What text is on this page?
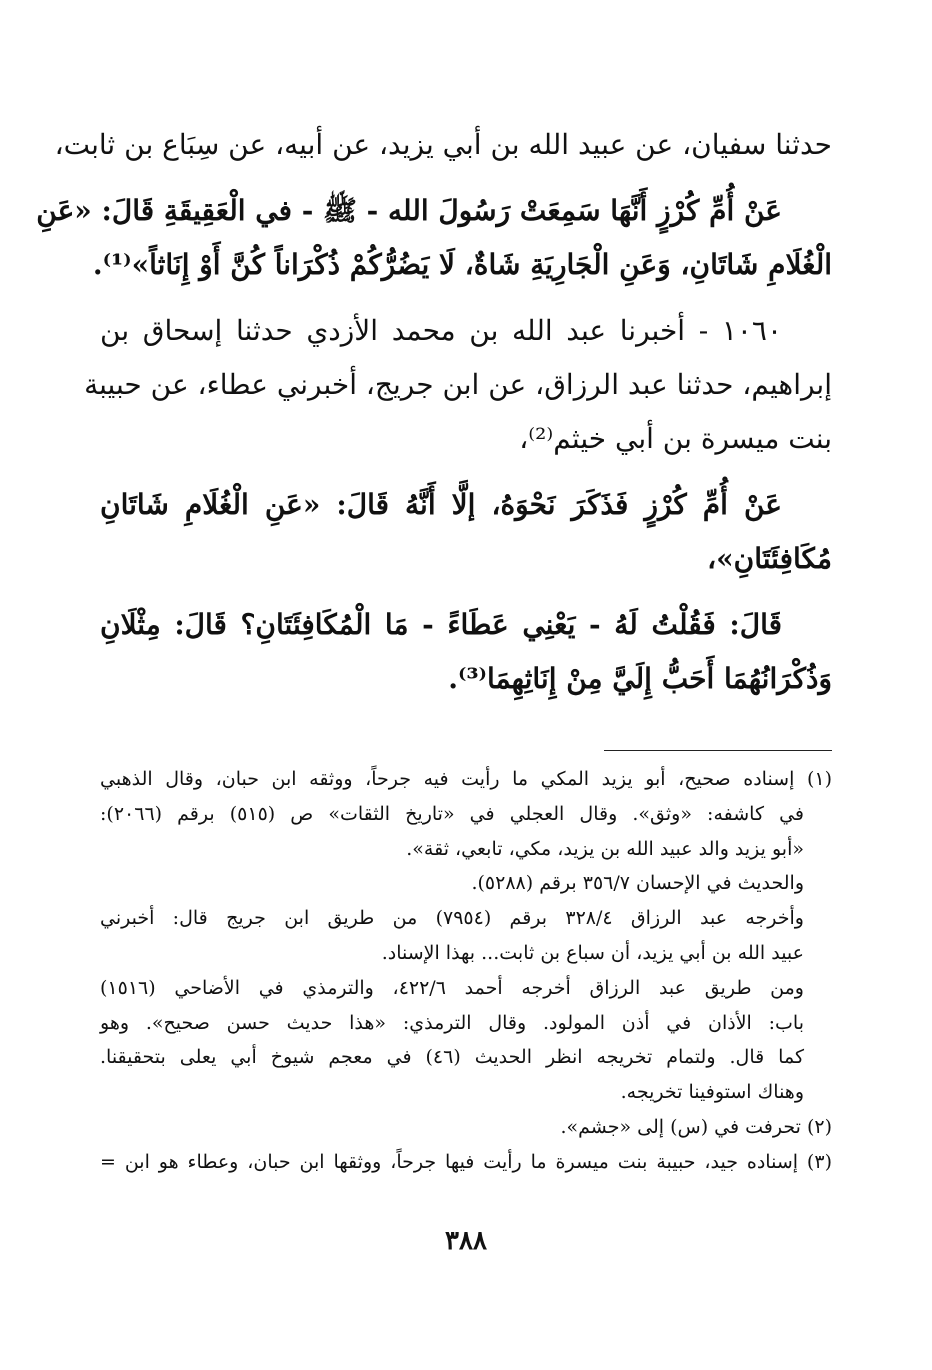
حدثنا سفيان، عن عبيد الله بن أبي يزيد، عن أبيه، عن سِبَاع بن ثابت،
عَنْ أُمِّ كُرْزٍ أَنَّهَا سَمِعَتْ رَسُولَ الله - ﷺ - في الْعَقِيقَةِ قَالَ: «عَنِ
الْغُلَامِ شَاتَانِ، وَعَنِ الْجَارِيَةِ شَاةٌ، لَا يَضُرُّكُمْ ذُكْرَاناً كُنَّ أَوْ إِنَاثاً»⁽¹⁾.
١٠٦٠ - أخبرنا عبد الله بن محمد الأزدي حدثنا إسحاق بن
إبراهيم، حدثنا عبد الرزاق، عن ابن جريج، أخبرني عطاء، عن حبيبة
بنت ميسرة بن أبي خيثم⁽²⁾،
عَنْ أُمِّ كُرْزٍ فَذَكَرَ نَحْوَهُ، إلَّا أَنَّهُ قَالَ: «عَنِ الْغُلَامِ شَاتَانِ
مُكَافِئَتَانِ»،
قَالَ: فَقُلْتُ لَهُ - يَعْنِي عَطَاءً - مَا الْمُكَافِئَتَانِ؟ قَالَ: مِثْلَانِ
وَذُكْرَانُهُمَا أَحَبُّ إِلَيَّ مِنْ إِنَاثِهِمَا⁽³⁾.
(١) إسناده صحيح، أبو يزيد المكي ما رأيت فيه جرحاً، ووثقه ابن حبان، وقال الذهبي
في كاشفه: «وثق». وقال العجلي في «تاريخ الثقات» ص (٥١٥) برقم (٢٠٦٦):
«أبو يزيد والد عبيد الله بن يزيد، مكي، تابعي، ثقة».
والحديث في الإحسان ٣٥٦/٧ برقم (٥٢٨٨).
وأخرجه عبد الرزاق ٣٢٨/٤ برقم (٧٩٥٤) من طريق ابن جريج قال: أخبرني
عبيد الله بن أبي يزيد، أن سباع بن ثابت... بهذا الإسناد.
ومن طريق عبد الرزاق أخرجه أحمد ٤٢٢/٦، والترمذي في الأضاحي (١٥١٦)
باب: الأذان في أذن المولود. وقال الترمذي: «هذا حديث حسن صحيح». وهو
كما قال. ولتمام تخريجه انظر الحديث (٤٦) في معجم شيوخ أبي يعلى بتحقيقنا.
وهناك استوفينا تخريجه.
(٢) تحرفت في (س) إلى «جشم».
(٣) إسناده جيد، حبيبة بنت ميسرة ما رأيت فيها جرحاً، ووثقها ابن حبان، وعطاء هو ابن =
٣٨٨
